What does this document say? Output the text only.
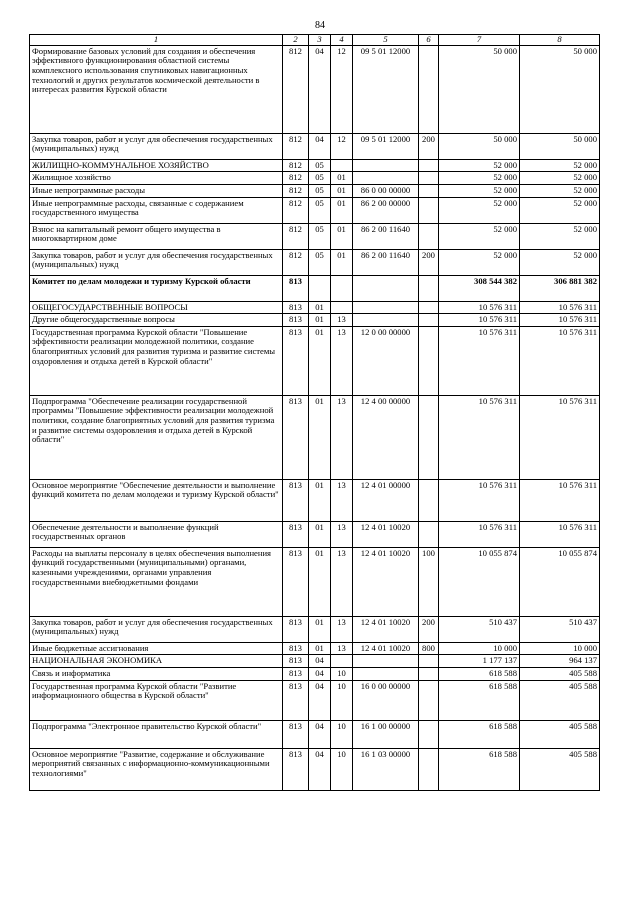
84
1	2	3	4	5	6	7	8
Формирование базовых условий для создания и обеспечения эффективного функционирования областной системы комплексного использования спутниковых навигационных технологий и других результатов космической деятельности в интересах развития Курской области	812	04	12	09 5 01 12000		50 000	50 000
Закупка товаров, работ и услуг для обеспечения государственных (муниципальных) нужд	812	04	12	09 5 01 12000	200	50 000	50 000
ЖИЛИЩНО-КОММУНАЛЬНОЕ ХОЗЯЙСТВО	812	05				52 000	52 000
Жилищное хозяйство	812	05	01			52 000	52 000
Иные непрограммные расходы	812	05	01	86 0 00 00000		52 000	52 000
Иные непрограммные расходы, связанные с содержанием государственного имущества	812	05	01	86 2 00 00000		52 000	52 000
Взнос на капитальный ремонт общего имущества в многоквартирном доме	812	05	01	86 2 00 11640		52 000	52 000
Закупка товаров, работ и услуг для обеспечения государственных (муниципальных) нужд	812	05	01	86 2 00 11640	200	52 000	52 000
Комитет по делам молодежи и туризму Курской области	813					308 544 382	306 881 382
ОБЩЕГОСУДАРСТВЕННЫЕ ВОПРОСЫ	813	01				10 576 311	10 576 311
Другие общегосударственные вопросы	813	01	13			10 576 311	10 576 311
Государственная программа Курской области "Повышение эффективности реализации молодежной политики, создание благоприятных условий для развития туризма и развитие системы оздоровления и отдыха детей в Курской области"	813	01	13	12 0 00 00000		10 576 311	10 576 311
Подпрограмма "Обеспечение реализации государственной программы "Повышение эффективности реализации молодежной политики, создание благоприятных условий для развития туризма и развитие системы оздоровления и отдыха детей в Курской области"	813	01	13	12 4 00 00000		10 576 311	10 576 311
Основное мероприятие "Обеспечение деятельности и выполнение функций комитета по делам молодежи и туризму Курской области"	813	01	13	12 4 01 00000		10 576 311	10 576 311
Обеспечение деятельности и выполнение функций государственных органов	813	01	13	12 4 01 10020		10 576 311	10 576 311
Расходы на выплаты персоналу в целях обеспечения выполнения функций государственными (муниципальными) органами, казенными учреждениями, органами управления государственными внебюджетными фондами	813	01	13	12 4 01 10020	100	10 055 874	10 055 874
Закупка товаров, работ и услуг для обеспечения государственных (муниципальных) нужд	813	01	13	12 4 01 10020	200	510 437	510 437
Иные бюджетные ассигнования	813	01	13	12 4 01 10020	800	10 000	10 000
НАЦИОНАЛЬНАЯ ЭКОНОМИКА	813	04				1 177 137	964 137
Связь и информатика	813	04	10			618 588	405 588
Государственная программа Курской области "Развитие информационного общества в Курской области"	813	04	10	16 0 00 00000		618 588	405 588
Подпрограмма "Электронное правительство Курской области"	813	04	10	16 1 00 00000		618 588	405 588
Основное мероприятие "Развитие, содержание и обслуживание мероприятий связанных с информационно-коммуникационными технологиями"	813	04	10	16 1 03 00000		618 588	405 588
